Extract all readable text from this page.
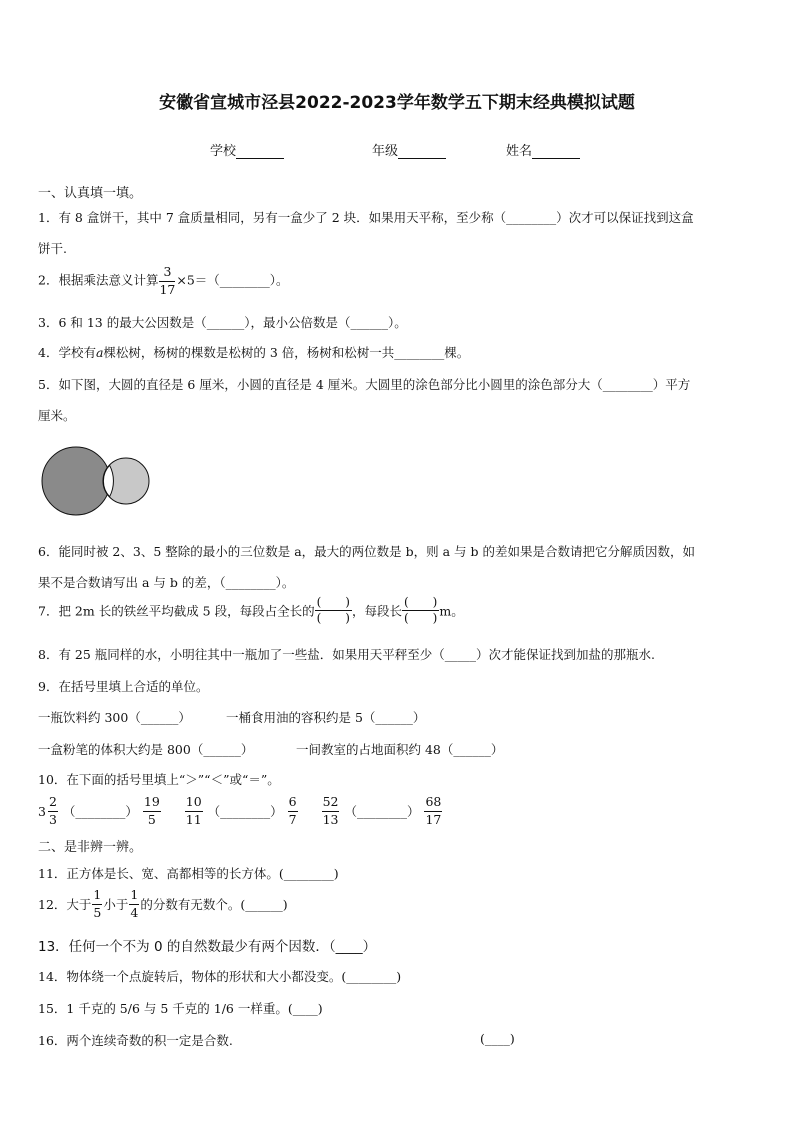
安徽省宣城市泾县2022-2023学年数学五下期末经典模拟试题
学校	年级	姓名
一、认真填一填。
1．有 8 盒饼干，其中 7 盒质量相同，另有一盒少了 2 块．如果用天平称，至少称（________）次才可以保证找到这盒
饼干.
2．根据乘法意义计算 $\frac{3}{17}$ ×5＝（________）。
3．6 和 13 的最大公因数是（______），最小公倍数是（______）。
4．学校有a棵松树，杨树的棵数是松树的 3 倍，杨树和松树一共________棵。
5．如下图，大圆的直径是 6 厘米，小圆的直径是 4 厘米。大圆里的涂色部分比小圆里的涂色部分大（________）平方
厘米。
6．能同时被 2、3、5 整除的最小的三位数是 a，最大的两位数是 b，则 a 与 b 的差如果是合数请把它分解质因数，如
果不是合数请写出 a 与 b 的差，（________）。
7．把 2m 长的铁丝平均截成 5 段，每段占全长的
(　　)
(　　) ，每段长
(　　)
(　　) m。
8．有 25 瓶同样的水，小明往其中一瓶加了一些盐．如果用天平秤至少（_____）次才能保证找到加盐的那瓶水.
9．在括号里填上合适的单位。
一瓶饮料约 300（______）	一桶食用油的容积约是 5（______）
一盒粉笔的体积大约是 800（______）	一间教室的占地面积约 48（______）
10．在下面的括号里填上“＞”“＜”或“＝”。
$3 \frac{2}{3}$ （________） $\frac{19}{5}$
$\frac{10}{11}$ （________） $\frac{6}{7}$
$\frac{52}{13}$ （________） $\frac{68}{17}$
二、是非辨一辨。
11．正方体是长、宽、高都相等的长方体。(________)
12．大于 $\frac{1}{5}$ 小于 $\frac{1}{4}$ 的分数有无数个。(______)
13．任何一个不为 0 的自然数最少有两个因数．（____）
14．物体绕一个点旋转后，物体的形状和大小都没变。(________)
15．1 千克的 5/6 与 5 千克的 1/6 一样重。(____)
16．两个连续奇数的积一定是合数.	(____)
